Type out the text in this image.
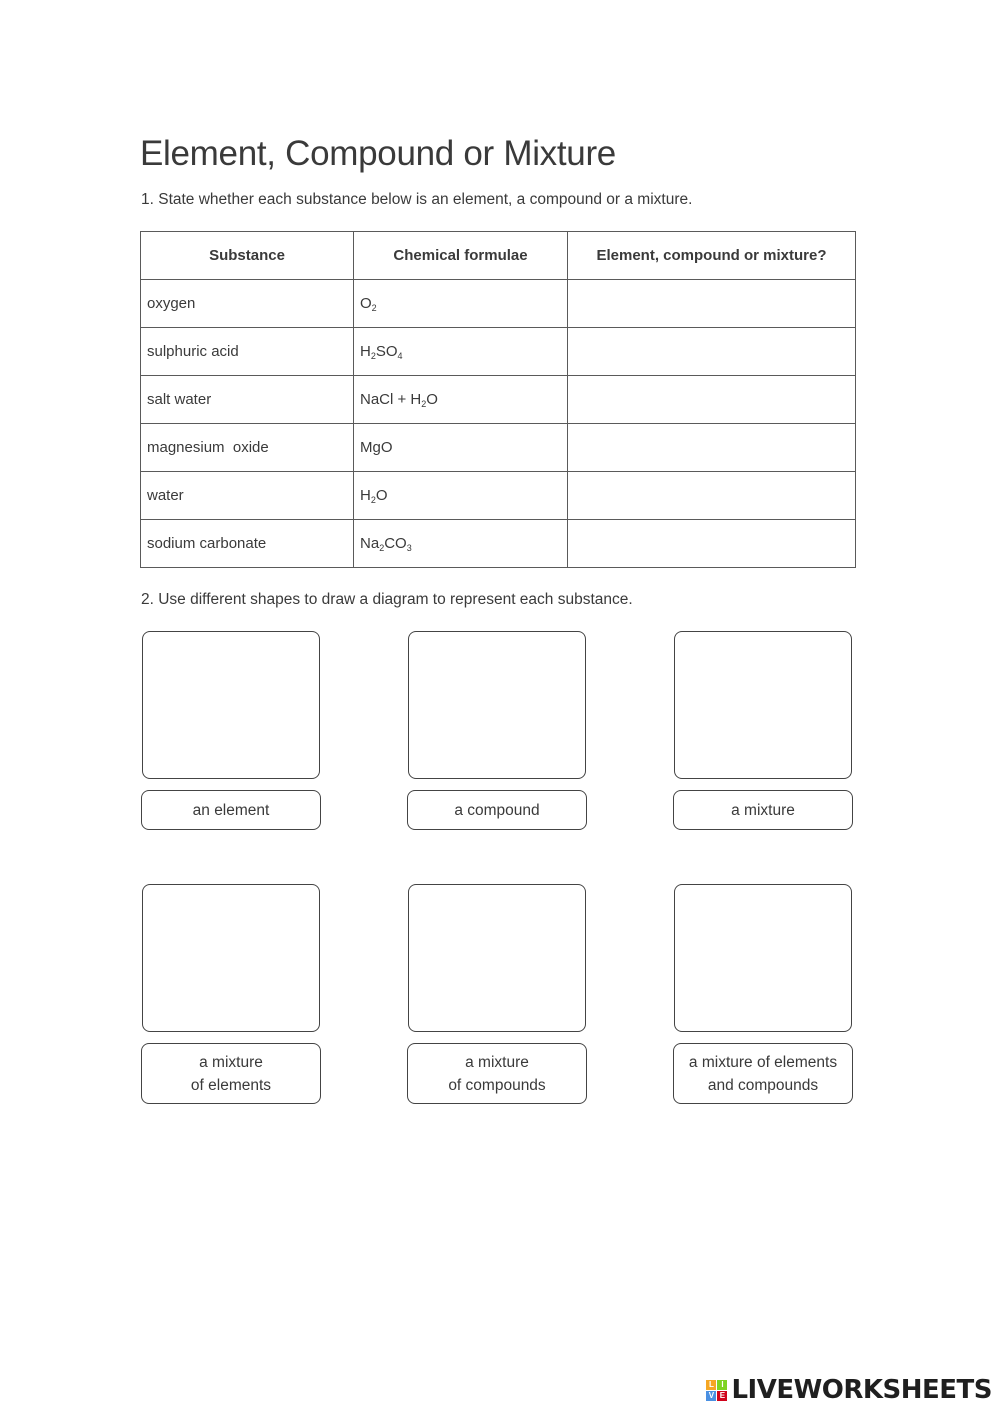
Element, Compound or Mixture

1. State whether each substance below is an element, a compound or a mixture.

Substance	Chemical formulae	Element, compound or mixture?
oxygen	$O_2$	
sulphuric acid	$H_2SO_4$	
salt water	NaCl + $H_2O$	
magnesium  oxide	MgO	
water	$H_2O$	
sodium carbonate	$Na_2CO_3$	

2. Use different shapes to draw a diagram to represent each substance.

an element	a compound	a mixture
a mixture
of elements
a mixture
of compounds
a mixture of elements
and compounds
L I
V E LIVEWORKSHEETS
